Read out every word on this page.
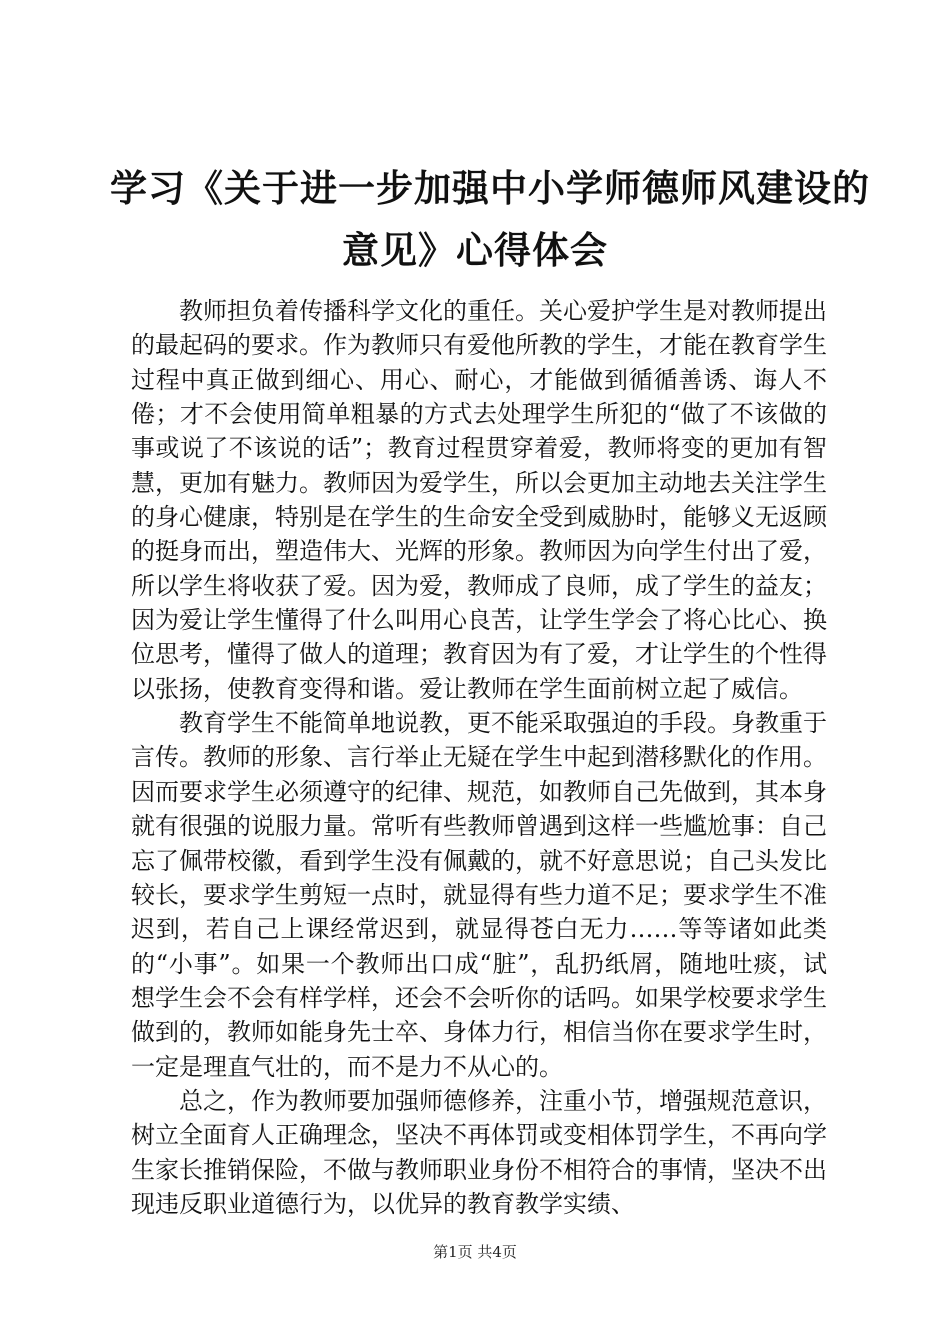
学习《关于进一步加强中小学师德师风建设的
意见》心得体会

教师担负着传播科学文化的重任。关心爱护学生是对教师提出的最起码的要求。作为教师只有爱他所教的学生，才能在教育学生过程中真正做到细心、用心、耐心，才能做到循循善诱、诲人不倦；才不会使用简单粗暴的方式去处理学生所犯的“做了不该做的事或说了不该说的话”；教育过程贯穿着爱，教师将变的更加有智慧，更加有魅力。教师因为爱学生，所以会更加主动地去关注学生的身心健康，特别是在学生的生命安全受到威胁时，能够义无返顾的挺身而出，塑造伟大、光辉的形象。教师因为向学生付出了爱，所以学生将收获了爱。因为爱，教师成了良师，成了学生的益友；因为爱让学生懂得了什么叫用心良苦，让学生学会了将心比心、换位思考，懂得了做人的道理；教育因为有了爱，才让学生的个性得以张扬，使教育变得和谐。爱让教师在学生面前树立起了威信。

教育学生不能简单地说教，更不能采取强迫的手段。身教重于言传。教师的形象、言行举止无疑在学生中起到潜移默化的作用。因而要求学生必须遵守的纪律、规范，如教师自己先做到，其本身就有很强的说服力量。常听有些教师曾遇到这样一些尴尬事：自己忘了佩带校徽，看到学生没有佩戴的，就不好意思说；自己头发比较长，要求学生剪短一点时，就显得有些力道不足；要求学生不准迟到，若自己上课经常迟到，就显得苍白无力……等等诸如此类的“小事”。如果一个教师出口成“脏”，乱扔纸屑，随地吐痰，试想学生会不会有样学样，还会不会听你的话吗。如果学校要求学生做到的，教师如能身先士卒、身体力行，相信当你在要求学生时，一定是理直气壮的，而不是力不从心的。

总之，作为教师要加强师德修养，注重小节，增强规范意识，树立全面育人正确理念，坚决不再体罚或变相体罚学生，不再向学生家长推销保险，不做与教师职业身份不相符合的事情，坚决不出现违反职业道德行为，以优异的教育教学实绩、

第1页 共4页
